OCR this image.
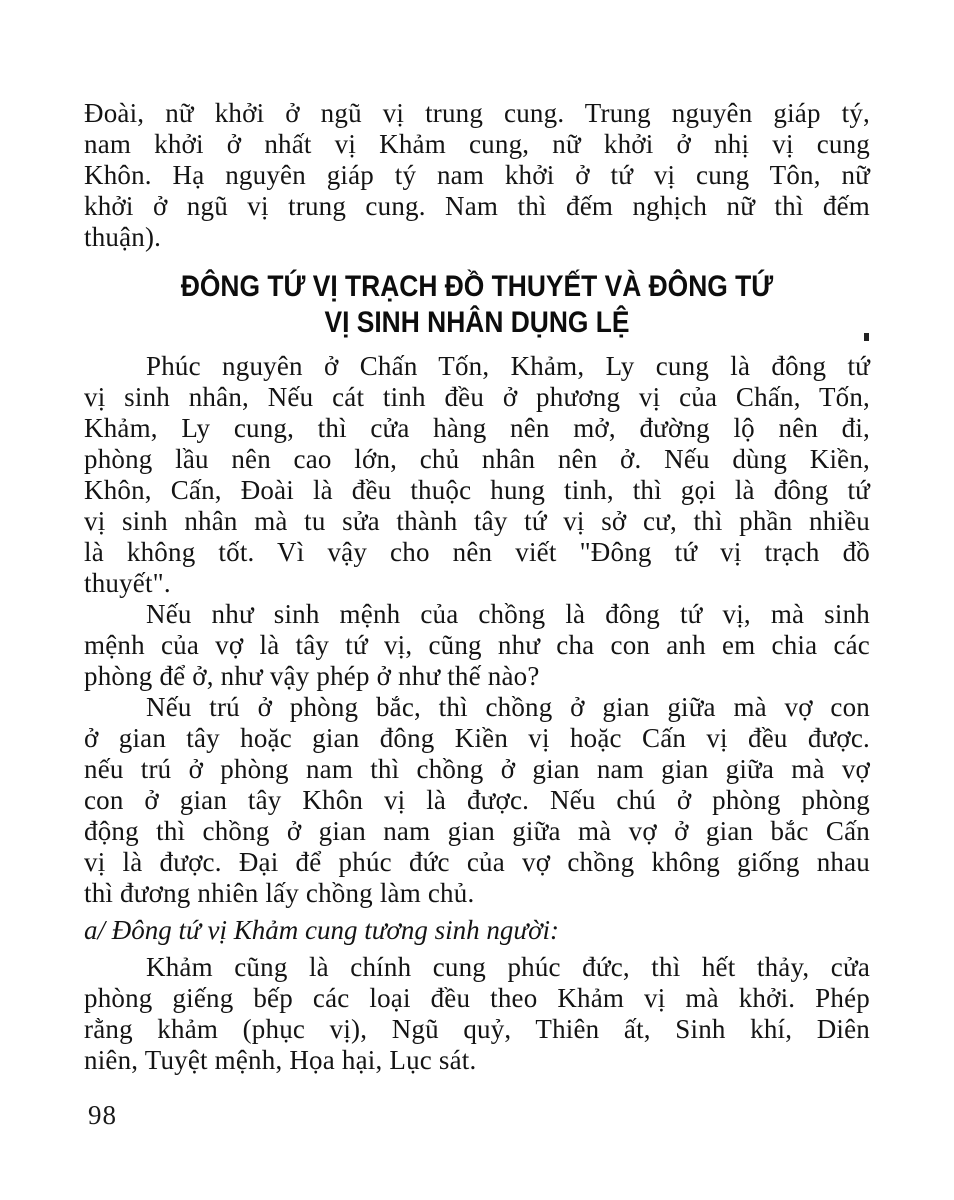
Đoài, nữ khởi ở ngũ vị trung cung. Trung nguyên giáp tý,
nam khởi ở nhất vị Khảm cung, nữ khởi ở nhị vị cung
Khôn. Hạ nguyên giáp tý nam khởi ở tứ vị cung Tôn, nữ
khởi ở ngũ vị trung cung. Nam thì đếm nghịch nữ thì đếm
thuận).
ĐÔNG TỨ VỊ TRẠCH ĐỒ THUYẾT VÀ ĐÔNG TỨ
VỊ SINH NHÂN DỤNG LỆ
Phúc nguyên ở Chấn Tốn, Khảm, Ly cung là đông tứ
vị sinh nhân, Nếu cát tinh đều ở phương vị của Chấn, Tốn,
Khảm, Ly cung, thì cửa hàng nên mở, đường lộ nên đi,
phòng lầu nên cao lớn, chủ nhân nên ở. Nếu dùng Kiền,
Khôn, Cấn, Đoài là đều thuộc hung tinh, thì gọi là đông tứ
vị sinh nhân mà tu sửa thành tây tứ vị sở cư, thì phần nhiều
là không tốt. Vì vậy cho nên viết "Đông tứ vị trạch đồ
thuyết".
Nếu như sinh mệnh của chồng là đông tứ vị, mà sinh
mệnh của vợ là tây tứ vị, cũng như cha con anh em chia các
phòng để ở, như vậy phép ở như thế nào?
Nếu trú ở phòng bắc, thì chồng ở gian giữa mà vợ con
ở gian tây hoặc gian đông Kiền vị hoặc Cấn vị đều được.
nếu trú ở phòng nam thì chồng ở gian nam gian giữa mà vợ
con ở gian tây Khôn vị là được. Nếu chú ở phòng phòng
động thì chồng ở gian nam gian giữa mà vợ ở gian bắc Cấn
vị là được. Đại để phúc đức của vợ chồng không giống nhau
thì đương nhiên lấy chồng làm chủ.
a/ Đông tứ vị Khảm cung tương sinh người:
Khảm cũng là chính cung phúc đức, thì hết thảy, cửa
phòng giếng bếp các loại đều theo Khảm vị mà khởi. Phép
rằng khảm (phục vị), Ngũ quỷ, Thiên ất, Sinh khí, Diên
niên, Tuyệt mệnh, Họa hại, Lục sát.
98
